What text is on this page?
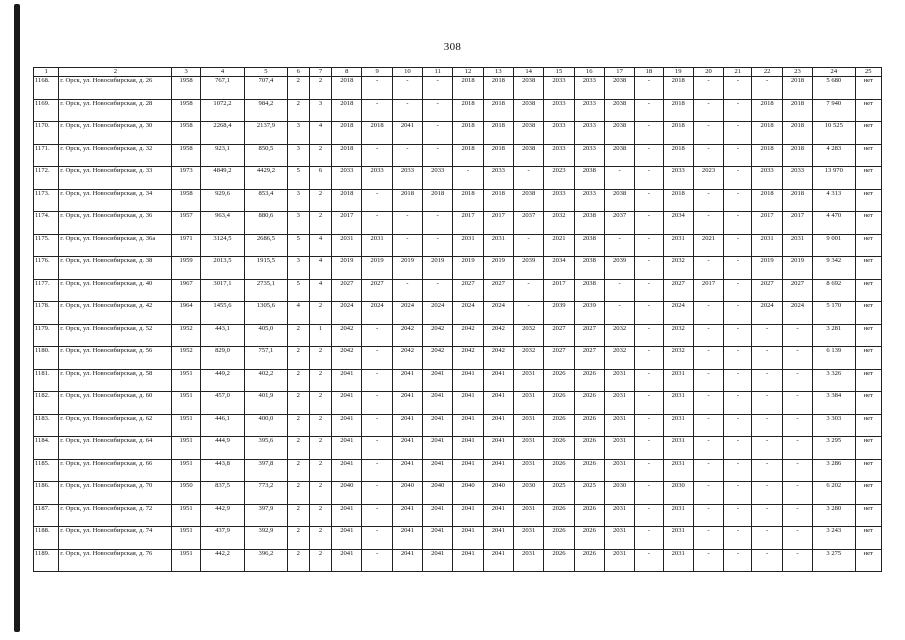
308
1	2	3	4	5	6	7	8	9	10	11	12	13	14	15	16	17	18	19	20	21	22	23	24	25
1168.	г. Орск, ул. Новосибирская, д. 26	1958	767,1	707,4	2	2	2018	-	-	-	2018	2018	2038	2033	2033	2038	-	2018	-	-	-	2018	5 680	нет
1169.	г. Орск, ул. Новосибирская, д. 28	1958	1072,2	984,2	2	3	2018	-	-	-	2018	2018	2038	2033	2033	2038	-	2018	-	-	2018	2018	7 940	нет
1170.	г. Орск, ул. Новосибирская, д. 30	1958	2268,4	2137,9	3	4	2018	2018	2041	-	2018	2018	2038	2033	2033	2038	-	2018	-	-	2018	2018	10 525	нет
1171.	г. Орск, ул. Новосибирская, д. 32	1958	923,1	850,5	3	2	2018	-	-	-	2018	2018	2038	2033	2033	2038	-	2018	-	-	2018	2018	4 283	нет
1172.	г. Орск, ул. Новосибирская, д. 33	1973	4849,2	4429,2	5	6	2033	2033	2033	2033	-	2033	-	2023	2038	-	-	2033	2023	-	2033	2033	13 970	нет
1173.	г. Орск, ул. Новосибирская, д. 34	1958	929,6	853,4	3	2	2018	-	2018	2018	2018	2018	2038	2033	2033	2038	-	2018	-	-	2018	2018	4 313	нет
1174.	г. Орск, ул. Новосибирская, д. 36	1957	963,4	880,6	3	2	2017	-	-	-	2017	2017	2037	2032	2038	2037	-	2034	-	-	2017	2017	4 470	нет
1175.	г. Орск, ул. Новосибирская, д. 36а	1971	3124,5	2686,5	5	4	2031	2031	-	-	2031	2031	-	2021	2038	-	-	2031	2021	-	2031	2031	9 001	нет
1176.	г. Орск, ул. Новосибирская, д. 38	1959	2013,5	1915,5	3	4	2019	2019	2019	2019	2019	2019	2039	2034	2038	2039	-	2032	-	-	2019	2019	9 342	нет
1177.	г. Орск, ул. Новосибирская, д. 40	1967	3017,1	2735,1	5	4	2027	2027	-	-	2027	2027	-	2017	2038	-	-	2027	2017	-	2027	2027	8 692	нет
1178.	г. Орск, ул. Новосибирская, д. 42	1964	1455,6	1305,6	4	2	2024	2024	2024	2024	2024	2024	-	2039	2039	-	-	2024	-	-	2024	2024	5 170	нет
1179.	г. Орск, ул. Новосибирская, д. 52	1952	443,1	405,0	2	1	2042	-	2042	2042	2042	2042	2032	2027	2027	2032	-	2032	-	-	-	-	3 281	нет
1180.	г. Орск, ул. Новосибирская, д. 56	1952	829,0	757,1	2	2	2042	-	2042	2042	2042	2042	2032	2027	2027	2032	-	2032	-	-	-	-	6 139	нет
1181.	г. Орск, ул. Новосибирская, д. 58	1951	449,2	402,2	2	2	2041	-	2041	2041	2041	2041	2031	2026	2026	2031	-	2031	-	-	-	-	3 326	нет
1182.	г. Орск, ул. Новосибирская, д. 60	1951	457,0	401,9	2	2	2041	-	2041	2041	2041	2041	2031	2026	2026	2031	-	2031	-	-	-	-	3 384	нет
1183.	г. Орск, ул. Новосибирская, д. 62	1951	446,1	400,0	2	2	2041	-	2041	2041	2041	2041	2031	2026	2026	2031	-	2031	-	-	-	-	3 303	нет
1184.	г. Орск, ул. Новосибирская, д. 64	1951	444,9	395,6	2	2	2041	-	2041	2041	2041	2041	2031	2026	2026	2031	-	2031	-	-	-	-	3 295	нет
1185.	г. Орск, ул. Новосибирская, д. 66	1951	443,8	397,8	2	2	2041	-	2041	2041	2041	2041	2031	2026	2026	2031	-	2031	-	-	-	-	3 286	нет
1186.	г. Орск, ул. Новосибирская, д. 70	1950	837,5	773,2	2	2	2040	-	2040	2040	2040	2040	2030	2025	2025	2030	-	2030	-	-	-	-	6 202	нет
1187.	г. Орск, ул. Новосибирская, д. 72	1951	442,9	397,9	2	2	2041	-	2041	2041	2041	2041	2031	2026	2026	2031	-	2031	-	-	-	-	3 280	нет
1188.	г. Орск, ул. Новосибирская, д. 74	1951	437,9	392,9	2	2	2041	-	2041	2041	2041	2041	2031	2026	2026	2031	-	2031	-	-	-	-	3 243	нет
1189.	г. Орск, ул. Новосибирская, д. 76	1951	442,2	396,2	2	2	2041	-	2041	2041	2041	2041	2031	2026	2026	2031	-	2031	-	-	-	-	3 275	нет
